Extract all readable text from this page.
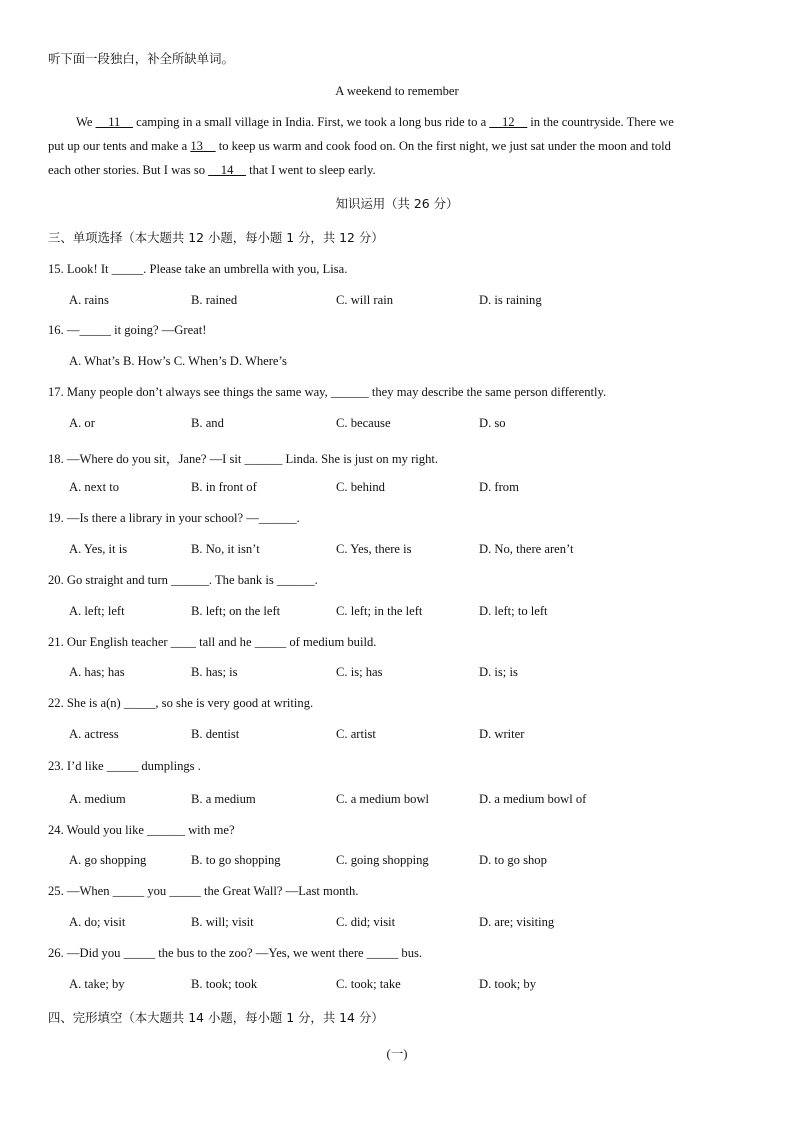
听下面一段独白，补全所缺单词。
A weekend to remember
We __11__ camping in a small village in India. First, we took a long bus ride to a __12__ in the countryside. There we
put up our tents and make a 13__ to keep us warm and cook food on. On the first night, we just sat under the moon and told
each other stories. But I was so __14__ that I went to sleep early.
知识运用（共 26 分）
三、单项选择（本大题共 12 小题，每小题 1 分，共 12 分）
15. Look! It _____. Please take an umbrella with you, Lisa.
A. rains	B. rained	C. will rain	D. is raining
16. —_____ it going? —Great!
A. What’s B. How’s C. When’s D. Where’s
17. Many people don’t always see things the same way, ______ they may describe the same person differently.
A. or	B. and	C. because	D. so
18. —Where do you sit，Jane? —I sit ______ Linda. She is just on my right.
A. next to	B. in front of	C. behind	D. from
19. —Is there a library in your school? —______.
A. Yes, it is	B. No, it isn’t	C. Yes, there is	D. No, there aren’t
20. Go straight and turn ______. The bank is ______.
A. left; left	B. left; on the left	C. left; in the left	D. left; to left
21. Our English teacher ____ tall and he _____ of medium build.
A. has; has	B. has; is	C. is; has	D. is; is
22. She is a(n) _____, so she is very good at writing.
A. actress	B. dentist	C. artist	D. writer
23. I’d like _____ dumplings .
A. medium	B. a medium	C. a medium bowl	D. a medium bowl of
24. Would you like ______ with me?
A. go shopping	B. to go shopping	C. going shopping	D. to go shop
25. —When _____ you _____ the Great Wall? —Last month.
A. do; visit	B. will; visit	C. did; visit	D. are; visiting
26. —Did you _____ the bus to the zoo? —Yes, we went there _____ bus.
A. take; by	B. took; took	C. took; take	D. took; by
四、完形填空（本大题共 14 小题，每小题 1 分，共 14 分）
(一)
